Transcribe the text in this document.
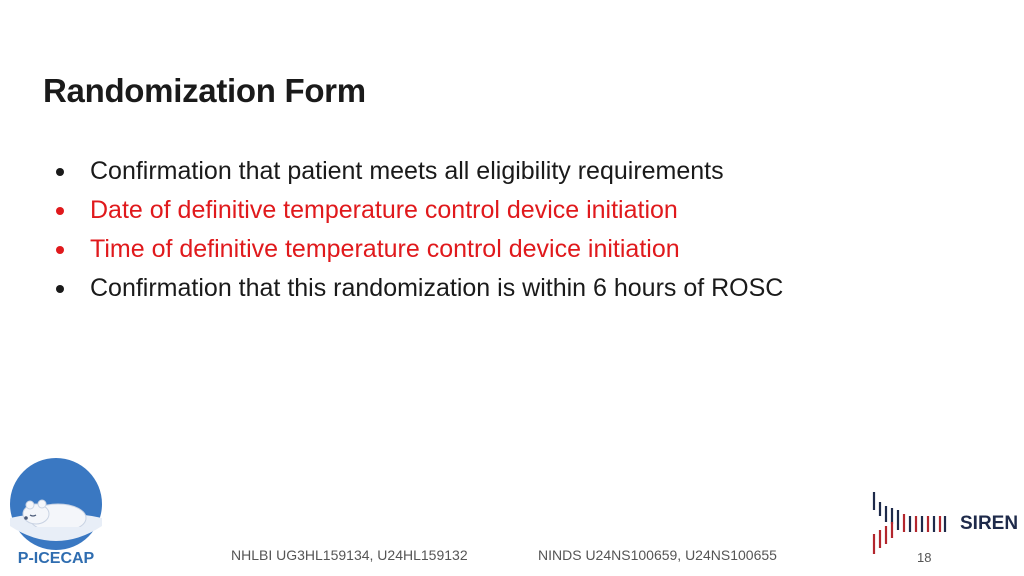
Randomization Form
Confirmation that patient meets all eligibility requirements
Date of definitive temperature control device initiation
Time of definitive temperature control device initiation
Confirmation that this randomization is within 6 hours of ROSC
P-ICECAP	NHLBI UG3HL159134, U24HL159132	NINDS U24NS100659, U24NS100655
SIREN
18
